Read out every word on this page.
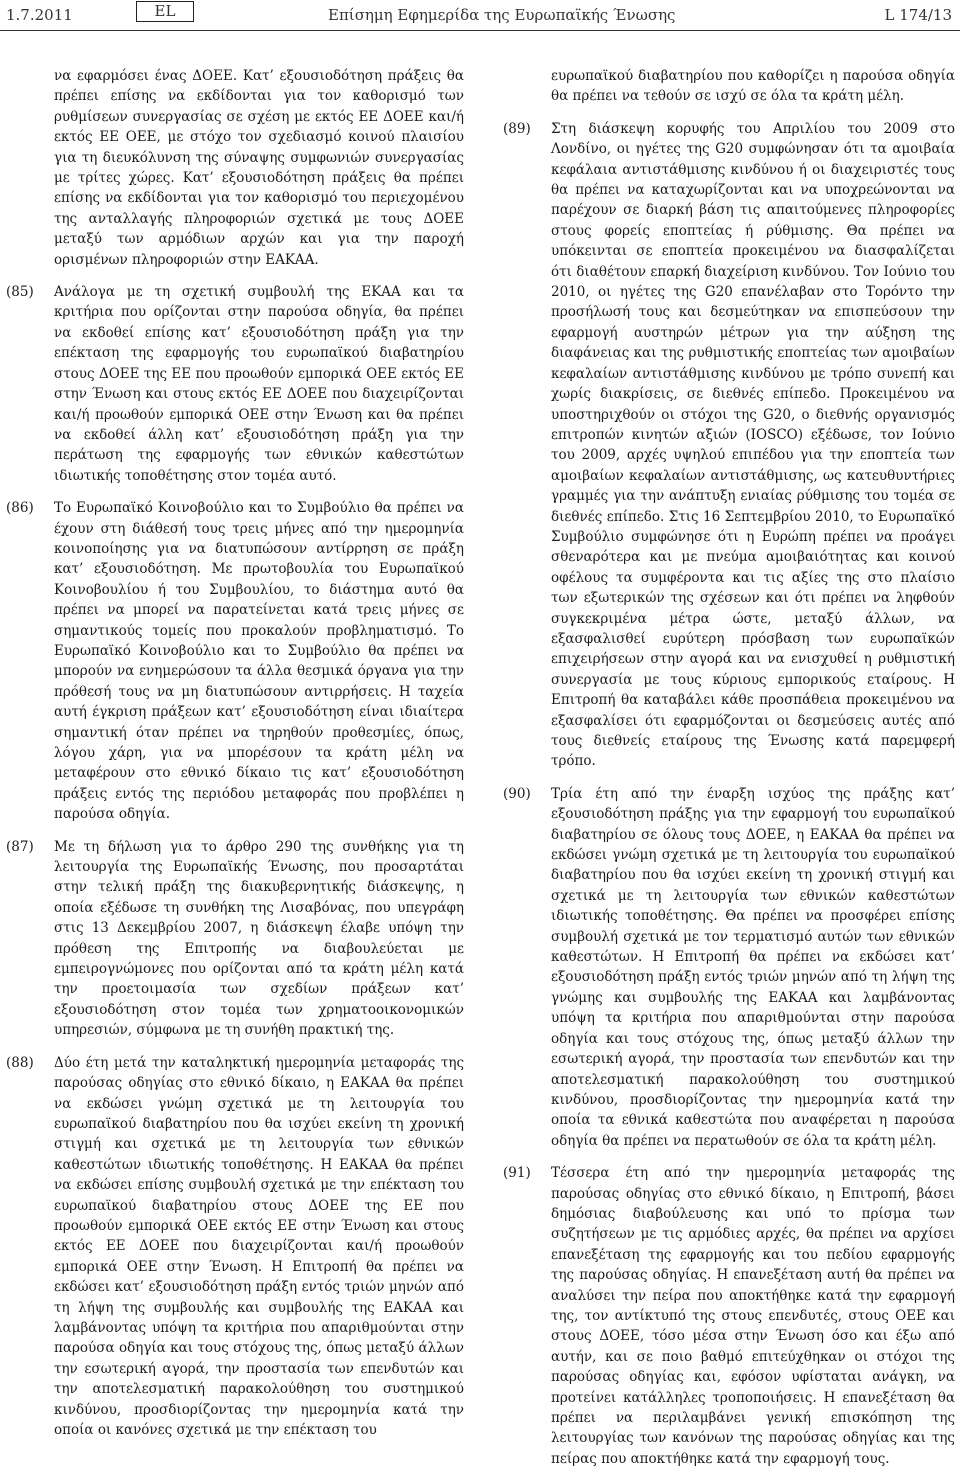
1.7.2011	EL	Επίσημη Εφημερίδα της Ευρωπαϊκής Ένωσης	L 174/13
να εφαρμόσει ένας ΔΟΕΕ. Κατ’ εξουσιοδότηση πράξεις θα πρέπει επίσης να εκδίδονται για τον καθορισμό των ρυθμίσεων συνεργασίας σε σχέση με εκτός ΕΕ ΔΟΕΕ και/ή εκτός ΕΕ ΟΕΕ, με στόχο τον σχεδιασμό κοινού πλαισίου για τη διευκόλυνση της σύναψης συμφωνιών συνεργασίας με τρίτες χώρες. Κατ’ εξουσιοδότηση πράξεις θα πρέπει επίσης να εκδίδονται για τον καθορισμό του περιεχομένου της ανταλλαγής πληροφοριών σχετικά με τους ΔΟΕΕ μεταξύ των αρμόδιων αρχών και για την παροχή ορισμένων πληροφοριών στην ΕΑΚΑΑ.
(85)	Ανάλογα με τη σχετική συμβουλή της ΕΚΑΑ και τα κριτήρια που ορίζονται στην παρούσα οδηγία, θα πρέπει να εκδοθεί επίσης κατ’ εξουσιοδότηση πράξη για την επέκταση της εφαρμογής του ευρωπαϊκού διαβατηρίου στους ΔΟΕΕ της ΕΕ που προωθούν εμπορικά ΟΕΕ εκτός ΕΕ στην Ένωση και στους εκτός ΕΕ ΔΟΕΕ που διαχειρίζονται και/ή προωθούν εμπορικά ΟΕΕ στην Ένωση και θα πρέπει να εκδοθεί άλλη κατ’ εξουσιοδότηση πράξη για την περάτωση της εφαρμογής των εθνικών καθεστώτων ιδιωτικής τοποθέτησης στον τομέα αυτό.
(86)	Το Ευρωπαϊκό Κοινοβούλιο και το Συμβούλιο θα πρέπει να έχουν στη διάθεσή τους τρεις μήνες από την ημερομηνία κοινοποίησης για να διατυπώσουν αντίρρηση σε πράξη κατ’ εξουσιοδότηση. Με πρωτοβουλία του Ευρωπαϊκού Κοινοβουλίου ή του Συμβουλίου, το διάστημα αυτό θα πρέπει να μπορεί να παρατείνεται κατά τρεις μήνες σε σημαντικούς τομείς που προκαλούν προβληματισμό. Το Ευρωπαϊκό Κοινοβούλιο και το Συμβούλιο θα πρέπει να μπορούν να ενημερώσουν τα άλλα θεσμικά όργανα για την πρόθεσή τους να μη διατυπώσουν αντιρρήσεις. Η ταχεία αυτή έγκριση πράξεων κατ’ εξουσιοδότηση είναι ιδιαίτερα σημαντική όταν πρέπει να τηρηθούν προθεσμίες, όπως, λόγου χάρη, για να μπορέσουν τα κράτη μέλη να μεταφέρουν στο εθνικό δίκαιο τις κατ’ εξουσιοδότηση πράξεις εντός της περιόδου μεταφοράς που προβλέπει η παρούσα οδηγία.
(87)	Με τη δήλωση για το άρθρο 290 της συνθήκης για τη λειτουργία της Ευρωπαϊκής Ένωσης, που προσαρτάται στην τελική πράξη της διακυβερνητικής διάσκεψης, η οποία εξέδωσε τη συνθήκη της Λισαβόνας, που υπεγράφη στις 13 Δεκεμβρίου 2007, η διάσκεψη έλαβε υπόψη την πρόθεση της Επιτροπής να διαβουλεύεται με εμπειρογνώμονες που ορίζονται από τα κράτη μέλη κατά την προετοιμασία των σχεδίων πράξεων κατ’ εξουσιοδότηση στον τομέα των χρηματοοικονομικών υπηρεσιών, σύμφωνα με τη συνήθη πρακτική της.
(88)	Δύο έτη μετά την καταληκτική ημερομηνία μεταφοράς της παρούσας οδηγίας στο εθνικό δίκαιο, η ΕΑΚΑΑ θα πρέπει να εκδώσει γνώμη σχετικά με τη λειτουργία του ευρωπαϊκού διαβατηρίου που θα ισχύει εκείνη τη χρονική στιγμή και σχετικά με τη λειτουργία των εθνικών καθεστώτων ιδιωτικής τοποθέτησης. Η ΕΑΚΑΑ θα πρέπει να εκδώσει επίσης συμβουλή σχετικά με την επέκταση του ευρωπαϊκού διαβατηρίου στους ΔΟΕΕ της ΕΕ που προωθούν εμπορικά ΟΕΕ εκτός ΕΕ στην Ένωση και στους εκτός ΕΕ ΔΟΕΕ που διαχειρίζονται και/ή προωθούν εμπορικά ΟΕΕ στην Ένωση. Η Επιτροπή θα πρέπει να εκδώσει κατ’ εξουσιοδότηση πράξη εντός τριών μηνών από τη λήψη της συμβουλής και συμβουλής της ΕΑΚΑΑ και λαμβάνοντας υπόψη τα κριτήρια που απαριθμούνται στην παρούσα οδηγία και τους στόχους της, όπως μεταξύ άλλων την εσωτερική αγορά, την προστασία των επενδυτών και την αποτελεσματική παρακολούθηση του συστημικού κινδύνου, προσδιορίζοντας την ημερομηνία κατά την οποία οι κανόνες σχετικά με την επέκταση του
ευρωπαϊκού διαβατηρίου που καθορίζει η παρούσα οδηγία θα πρέπει να τεθούν σε ισχύ σε όλα τα κράτη μέλη.
(89)	Στη διάσκεψη κορυφής του Απριλίου του 2009 στο Λονδίνο, οι ηγέτες της G20 συμφώνησαν ότι τα αμοιβαία κεφάλαια αντιστάθμισης κινδύνου ή οι διαχειριστές τους θα πρέπει να καταχωρίζονται και να υποχρεώνονται να παρέχουν σε διαρκή βάση τις απαιτούμενες πληροφορίες στους φορείς εποπτείας ή ρύθμισης. Θα πρέπει να υπόκεινται σε εποπτεία προκειμένου να διασφαλίζεται ότι διαθέτουν επαρκή διαχείριση κινδύνου. Τον Ιούνιο του 2010, οι ηγέτες της G20 επανέλαβαν στο Τορόντο την προσήλωσή τους και δεσμεύτηκαν να επισπεύσουν την εφαρμογή αυστηρών μέτρων για την αύξηση της διαφάνειας και της ρυθμιστικής εποπτείας των αμοιβαίων κεφαλαίων αντιστάθμισης κινδύνου με τρόπο συνεπή και χωρίς διακρίσεις, σε διεθνές επίπεδο. Προκειμένου να υποστηριχθούν οι στόχοι της G20, ο διεθνής οργανισμός επιτροπών κινητών αξιών (IOSCO) εξέδωσε, τον Ιούνιο του 2009, αρχές υψηλού επιπέδου για την εποπτεία των αμοιβαίων κεφαλαίων αντιστάθμισης, ως κατευθυντήριες γραμμές για την ανάπτυξη ενιαίας ρύθμισης του τομέα σε διεθνές επίπεδο. Στις 16 Σεπτεμβρίου 2010, το Ευρωπαϊκό Συμβούλιο συμφώνησε ότι η Ευρώπη πρέπει να προάγει σθεναρότερα και με πνεύμα αμοιβαιότητας και κοινού οφέλους τα συμφέροντα και τις αξίες της στο πλαίσιο των εξωτερικών της σχέσεων και ότι πρέπει να ληφθούν συγκεκριμένα μέτρα ώστε, μεταξύ άλλων, να εξασφαλισθεί ευρύτερη πρόσβαση των ευρωπαϊκών επιχειρήσεων στην αγορά και να ενισχυθεί η ρυθμιστική συνεργασία με τους κύριους εμπορικούς εταίρους. Η Επιτροπή θα καταβάλει κάθε προσπάθεια προκειμένου να εξασφαλίσει ότι εφαρμόζονται οι δεσμεύσεις αυτές από τους διεθνείς εταίρους της Ένωσης κατά παρεμφερή τρόπο.
(90)	Τρία έτη από την έναρξη ισχύος της πράξης κατ’ εξουσιοδότηση πράξης για την εφαρμογή του ευρωπαϊκού διαβατηρίου σε όλους τους ΔΟΕΕ, η ΕΑΚΑΑ θα πρέπει να εκδώσει γνώμη σχετικά με τη λειτουργία του ευρωπαϊκού διαβατηρίου που θα ισχύει εκείνη τη χρονική στιγμή και σχετικά με τη λειτουργία των εθνικών καθεστώτων ιδιωτικής τοποθέτησης. Θα πρέπει να προσφέρει επίσης συμβουλή σχετικά με τον τερματισμό αυτών των εθνικών καθεστώτων. Η Επιτροπή θα πρέπει να εκδώσει κατ’ εξουσιοδότηση πράξη εντός τριών μηνών από τη λήψη της γνώμης και συμβουλής της ΕΑΚΑΑ και λαμβάνοντας υπόψη τα κριτήρια που απαριθμούνται στην παρούσα οδηγία και τους στόχους της, όπως μεταξύ άλλων την εσωτερική αγορά, την προστασία των επενδυτών και την αποτελεσματική παρακολούθηση του συστημικού κινδύνου, προσδιορίζοντας την ημερομηνία κατά την οποία τα εθνικά καθεστώτα που αναφέρεται η παρούσα οδηγία θα πρέπει να περατωθούν σε όλα τα κράτη μέλη.
(91)	Τέσσερα έτη από την ημερομηνία μεταφοράς της παρούσας οδηγίας στο εθνικό δίκαιο, η Επιτροπή, βάσει δημόσιας διαβούλευσης και υπό το πρίσμα των συζητήσεων με τις αρμόδιες αρχές, θα πρέπει να αρχίσει επανεξέταση της εφαρμογής και του πεδίου εφαρμογής της παρούσας οδηγίας. Η επανεξέταση αυτή θα πρέπει να αναλύσει την πείρα που αποκτήθηκε κατά την εφαρμογή της, τον αντίκτυπό της στους επενδυτές, στους ΟΕΕ και στους ΔΟΕΕ, τόσο μέσα στην Ένωση όσο και έξω από αυτήν, και σε ποιο βαθμό επιτεύχθηκαν οι στόχοι της παρούσας οδηγίας και, εφόσον υφίσταται ανάγκη, να προτείνει κατάλληλες τροποποιήσεις. Η επανεξέταση θα πρέπει να περιλαμβάνει γενική επισκόπηση της λειτουργίας των κανόνων της παρούσας οδηγίας και της πείρας που αποκτήθηκε κατά την εφαρμογή τους.
